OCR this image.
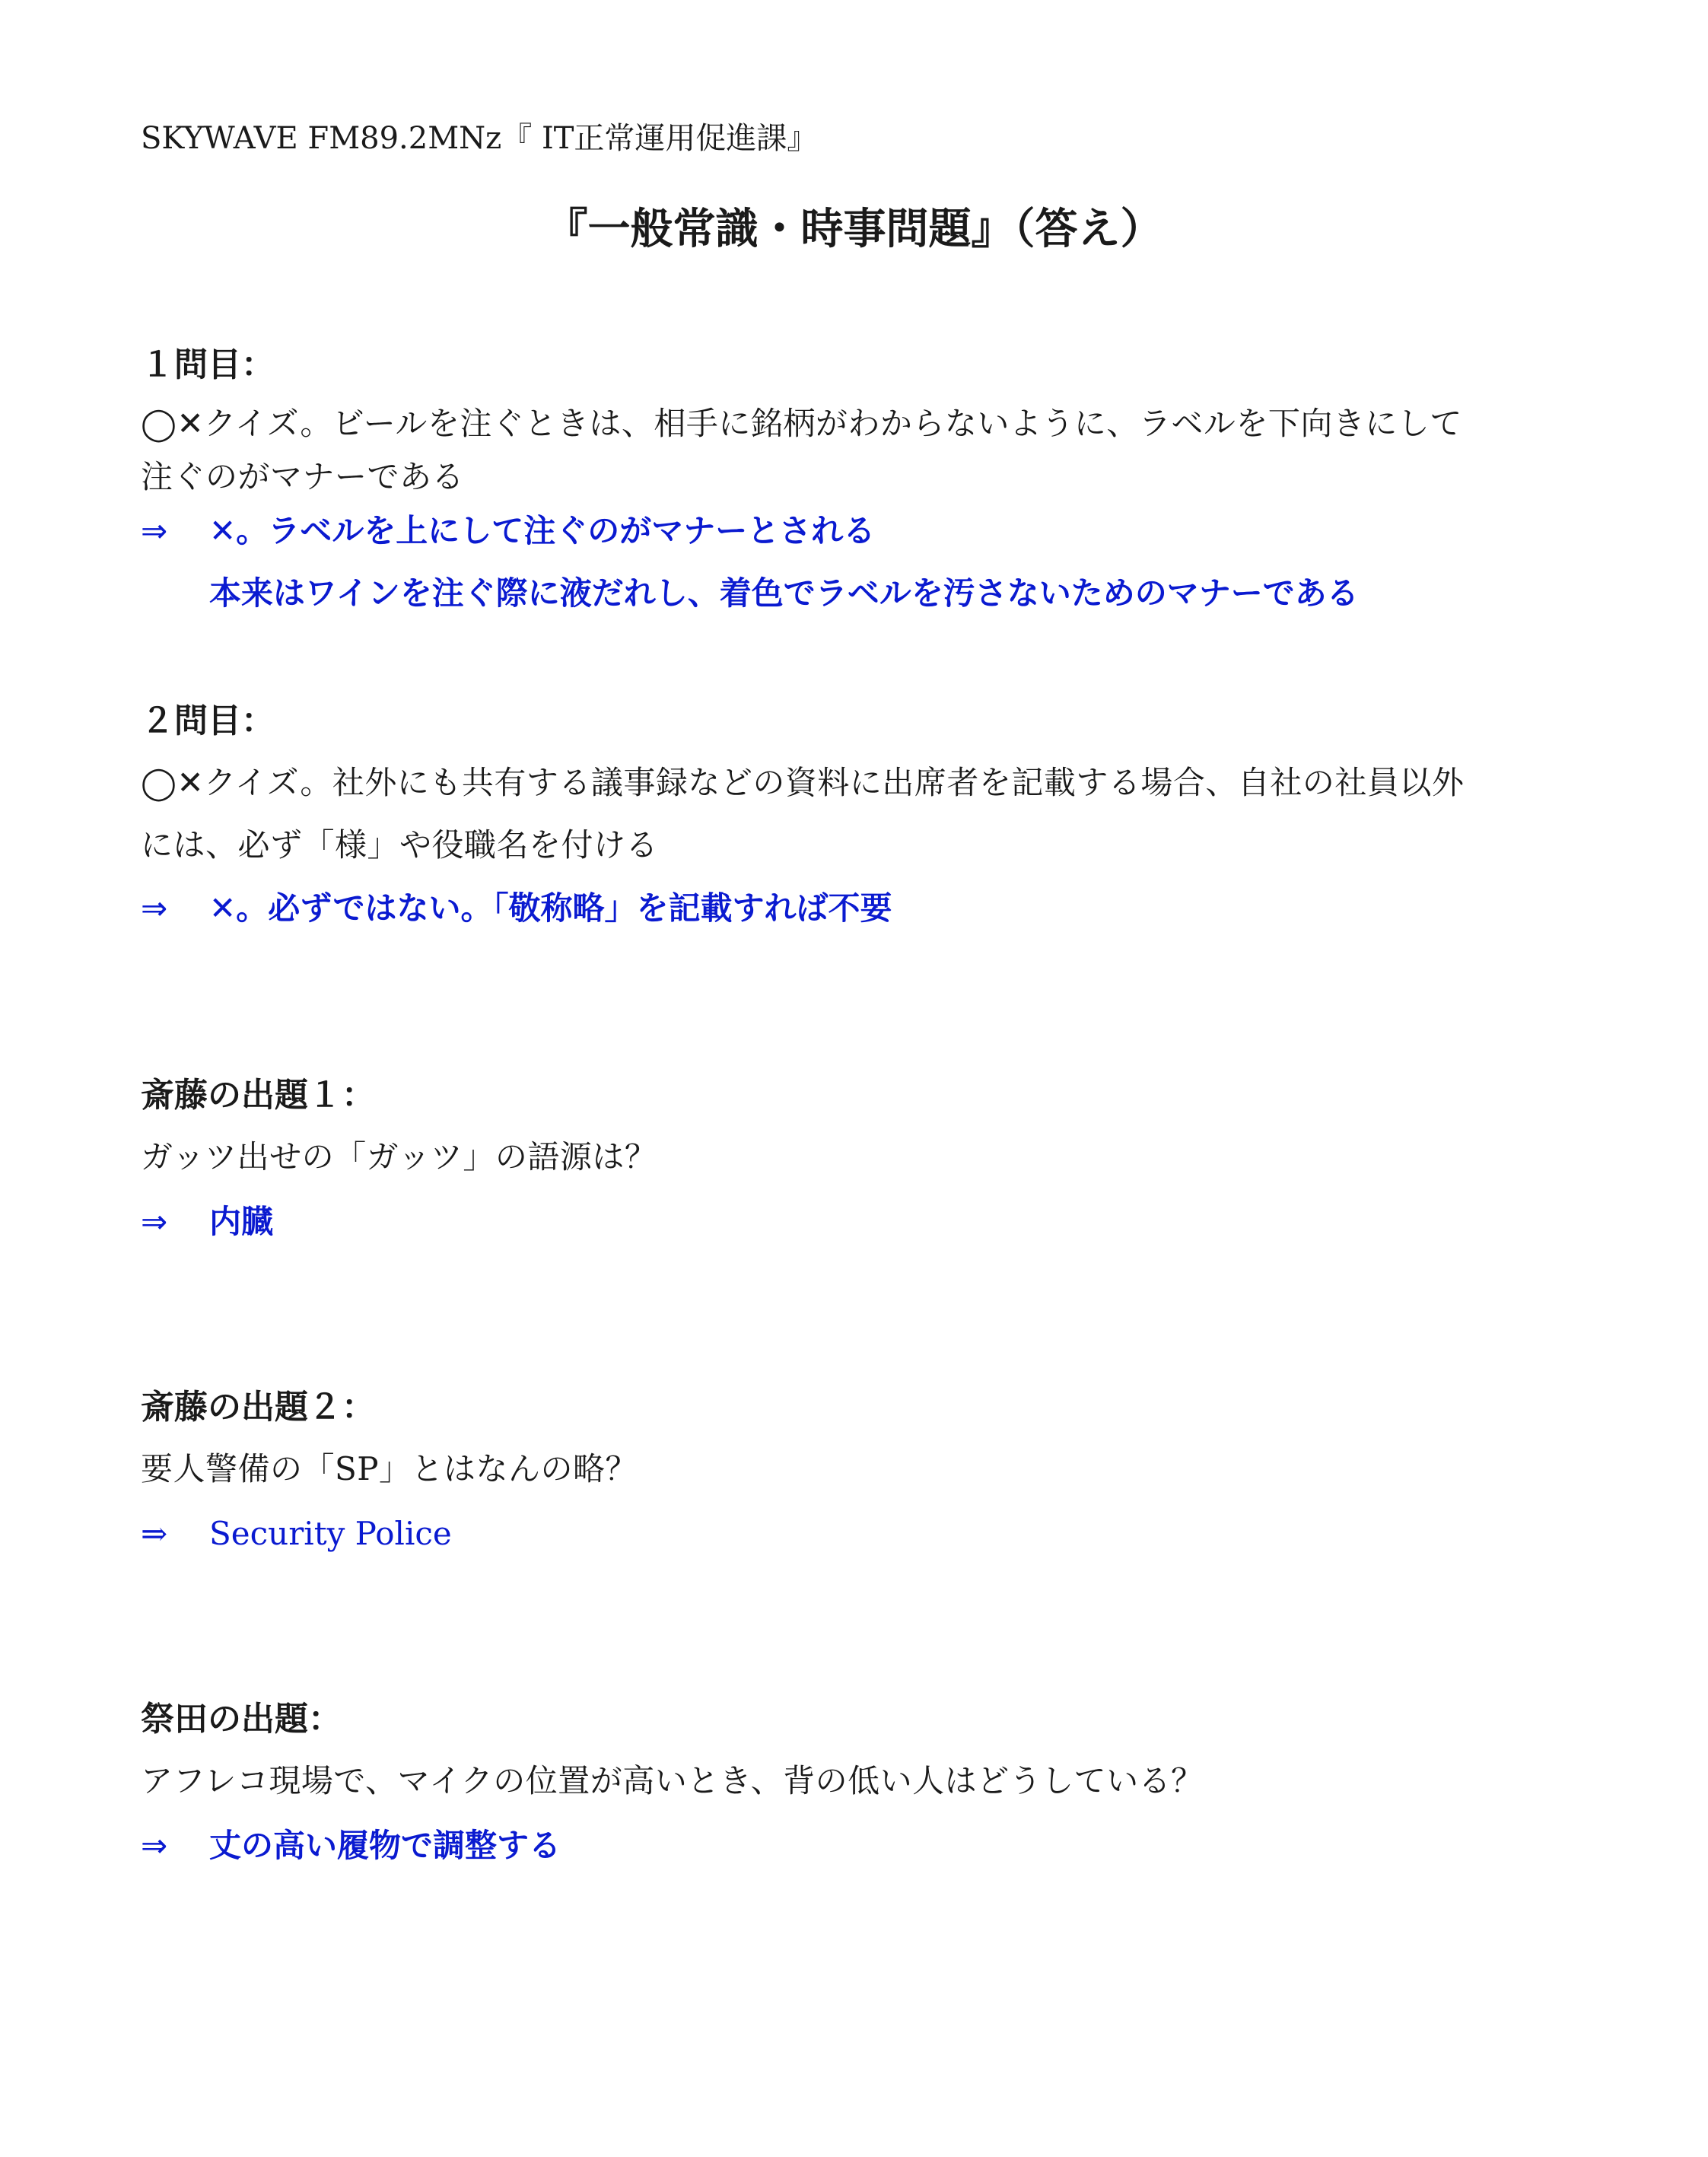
SKYWAVE FM89.2MNz『 IT正常運用促進課』
『一般常識・時事問題』（答え）
１問目：
◯✕クイズ。ビールを注ぐときは、相手に銘柄がわからないように、ラベルを下向きにして
注ぐのがマナーである
⇒ ✕。ラベルを上にして注ぐのがマナーとされる
本来はワインを注ぐ際に液だれし、着色でラベルを汚さないためのマナーである
２問目：
◯✕クイズ。社外にも共有する議事録などの資料に出席者を記載する場合、自社の社員以外
には、必ず「様」や役職名を付ける
⇒ ✕。必ずではない。「敬称略」を記載すれば不要
斎藤の出題１：
ガッツ出せの「ガッツ」の語源は？
⇒ 内臓
斎藤の出題２：
要人警備の「SP」とはなんの略？
⇒ Security Police
祭田の出題：
アフレコ現場で、マイクの位置が高いとき、背の低い人はどうしている？
⇒ 丈の高い履物で調整する
